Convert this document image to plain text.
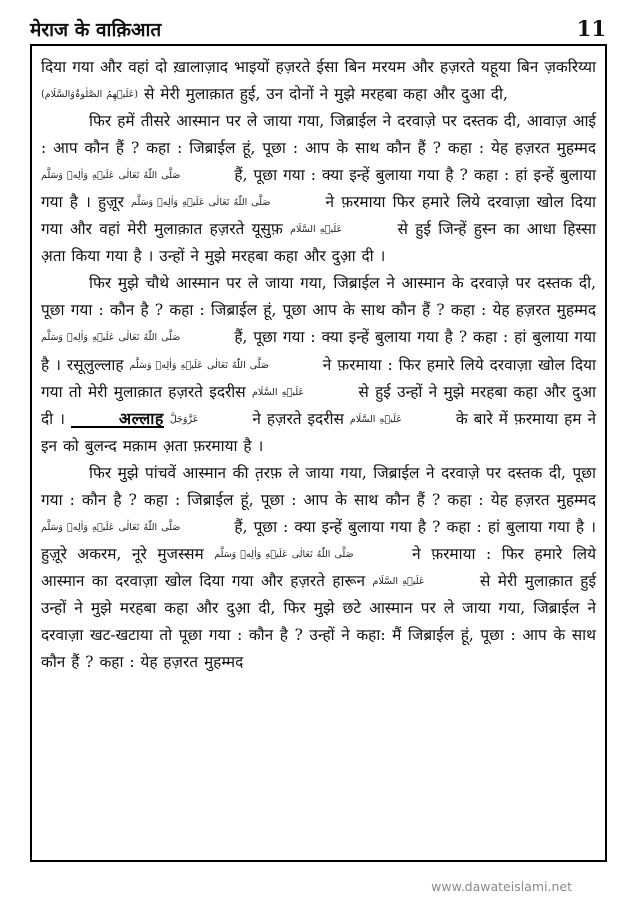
मेराज के वाक़िआत	11

दिया गया और वहां दो ख़ालाज़ाद भाइयों हज़रते ईसा बिन मरयम और हज़रते यहूया बिन ज़करिय्या (عَلَيۡهِمُ الصَّلٰوۃُوَالسَّلَام) से मेरी मुलाक़ात हुई, उन दोनों ने मुझे मरहबा कहा और दुआ दी,

फिर हमें तीसरे आस्मान पर ले जाया गया, जिब्राईल ने दरवाज़े पर दस्तक दी, आवाज़ आई : आप कौन हैं ? कहा : जिब्राईल हूं, पूछा : आप के साथ कौन हैं ? कहा : येह हज़रत मुहम्मद صَلَّى اللّٰهُ تَعَالٰى عَلَيۡهِ وَاٰلِهٖ وَسَلَّم	हैं, पूछा गया : क्या इन्हें बुलाया गया है ? कहा : हां इन्हें बुलाया गया है । हुज़ूर صَلَّى اللّٰهُ تَعَالٰى عَلَيۡهِ وَاٰلِهٖ وَسَلَّم	ने फ़रमाया फिर हमारे लिये दरवाज़ा खोल दिया गया और वहां मेरी मुलाक़ात हज़रते यूसुफ़ عَلَيۡهِ السَّلَام	से हुई जिन्हें हुस्न का आधा हिस्सा अ़ता किया गया है । उन्हों ने मुझे मरहबा कहा और दुआ़ दी ।

फिर मुझे चौथे आस्मान पर ले जाया गया, जिब्राईल ने आस्मान के दरवाज़े पर दस्तक दी, पूछा गया : कौन है ? कहा : जिब्राईल हूं, पूछा आप के साथ कौन हैं ? कहा : येह हज़रत मुहम्मद صَلَّى اللّٰهُ تَعَالٰى عَلَيۡهِ وَاٰلِهٖ وَسَلَّم	हैं, पूछा गया : क्या इन्हें बुलाया गया है ? कहा : हां बुलाया गया है । रसूलुल्लाह صَلَّى اللّٰهُ تَعَالٰى عَلَيۡهِ وَاٰلِهٖ وَسَلَّم	ने फ़रमाया : फिर हमारे लिये दरवाज़ा खोल दिया गया तो मेरी मुलाक़ात हज़रते इदरीस عَلَيۡهِ السَّلَام	से हुई उन्हों ने मुझे मरहबा कहा और दुआ दी ।	अल्लाह عَزَّوَجَلَّ	ने हज़रते इदरीस عَلَيۡهِ السَّلَام	के बारे में फ़रमाया हम ने इन को बुलन्द मक़ाम अ़ता फ़रमाया है ।

फिर मुझे पांचवें आस्मान की त़रफ़ ले जाया गया, जिब्राईल ने दरवाज़े पर दस्तक दी, पूछा गया : कौन है ? कहा : जिब्राईल हूं, पूछा : आप के साथ कौन हैं ? कहा : येह हज़रत मुहम्मद صَلَّى اللّٰهُ تَعَالٰى عَلَيۡهِ وَاٰلِهٖ وَسَلَّم	हैं, पूछा : क्या इन्हें बुलाया गया है ? कहा : हां बुलाया गया है । हुज़ूरे अकरम, नूरे मुजस्सम صَلَّى اللّٰهُ تَعَالٰى عَلَيۡهِ وَاٰلِهٖ وَسَلَّم	ने फ़रमाया : फिर हमारे लिये आस्मान का दरवाज़ा खोल दिया गया और हज़रते हारून عَلَيۡهِ السَّلَام	से मेरी मुलाक़ात हुई उन्हों ने मुझे मरहबा कहा और दुआ़ दी, फिर मुझे छटे आस्मान पर ले जाया गया, जिब्राईल ने दरवाज़ा खट-खटाया तो पूछा गया : कौन है ? उन्हों ने कहा: मैं जिब्राईल हूं, पूछा : आप के साथ कौन हैं ? कहा : येह हज़रत मुहम्मद

www.dawateislami.net
